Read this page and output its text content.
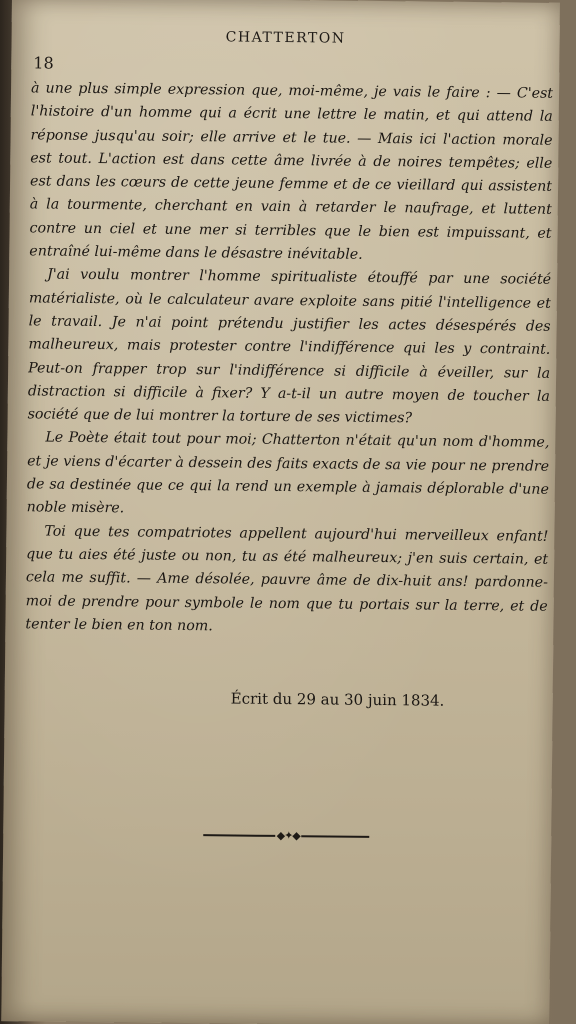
CHATTERTON
18

à une plus simple expression que, moi-même, je vais le faire : — C'est l'histoire d'un homme qui a écrit une lettre le matin, et qui attend la réponse jusqu'au soir; elle arrive et le tue. — Mais ici l'action morale est tout. L'action est dans cette âme livrée à de noires tempêtes; elle est dans les cœurs de cette jeune femme et de ce vieillard qui assistent à la tourmente, cherchant en vain à retarder le naufrage, et luttent contre un ciel et une mer si terribles que le bien est impuissant, et entraîné lui-même dans le désastre inévitable.

J'ai voulu montrer l'homme spiritualiste étouffé par une société matérialiste, où le calculateur avare exploite sans pitié l'intelligence et le travail. Je n'ai point prétendu justifier les actes désespérés des malheureux, mais protester contre l'indifférence qui les y contraint. Peut-on frapper trop sur l'indifférence si difficile à éveiller, sur la distraction si difficile à fixer? Y a-t-il un autre moyen de toucher la société que de lui montrer la torture de ses victimes?

Le Poète était tout pour moi; Chatterton n'était qu'un nom d'homme, et je viens d'écarter à dessein des faits exacts de sa vie pour ne prendre de sa destinée que ce qui la rend un exemple à jamais déplorable d'une noble misère.

Toi que tes compatriotes appellent aujourd'hui merveilleux enfant! que tu aies été juste ou non, tu as été malheureux; j'en suis certain, et cela me suffit. — Ame désolée, pauvre âme de dix-huit ans! pardonne-moi de prendre pour symbole le nom que tu portais sur la terre, et de tenter le bien en ton nom.

Écrit du 29 au 30 juin 1834.
◆✦◆
